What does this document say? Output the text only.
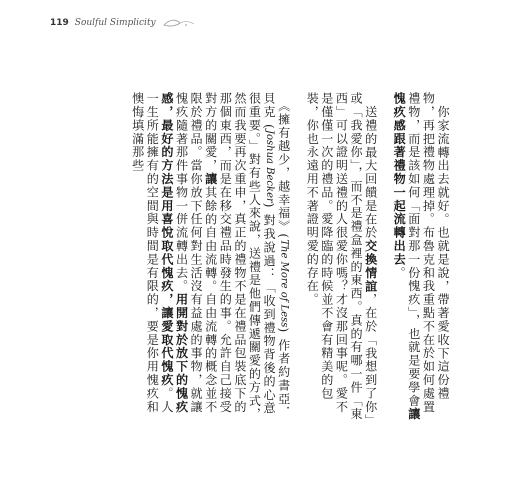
119 Soulful Simplicity

　你家流轉出去就好。也就是說，帶著愛收下這份禮物，再把禮物處理掉。布魯克和我重點不在於如何處置禮物，而是該如何「面對那一份愧疚」，也就是要學會讓愧疚感跟著禮物一起流轉出去。

　送禮的最大回饋是在於交換情誼，在於「我想到了你」或「我愛你」，而不是禮盒裡的東西。真的有哪一件「東西」可以證明送禮的人很愛你嗎？才沒那回事呢。愛不是僅僅一次的禮品。愛降臨的時候並不會有精美的包裝，你也永遠用不著證明愛的存在。

　《擁有越少，越幸福》(The More of Less) 作者約書亞．貝克 (Joshua Becker) 對我說過：「收到禮物背後的心意很重要。」對有些人來說，送禮是他們傳遞關愛的方式，然而我要再次重申，真正的禮物不是在禮品包裝底下的那個東西，而是在移交禮品時發生的事。允許自己接受對方的關愛，讓其餘的自由流轉。自由流轉的概念並不限於禮品。當你放下任何對生活沒有益處的事物，就讓愧疚隨著那件事物一併流轉出去。用開對於放下的愧疚感，最好的方法是用喜悅取代愧疚，讓愛取代愧疚。人一生所能擁有的空間與時間是有限的，要是你用愧疚和懊悔填滿那些
